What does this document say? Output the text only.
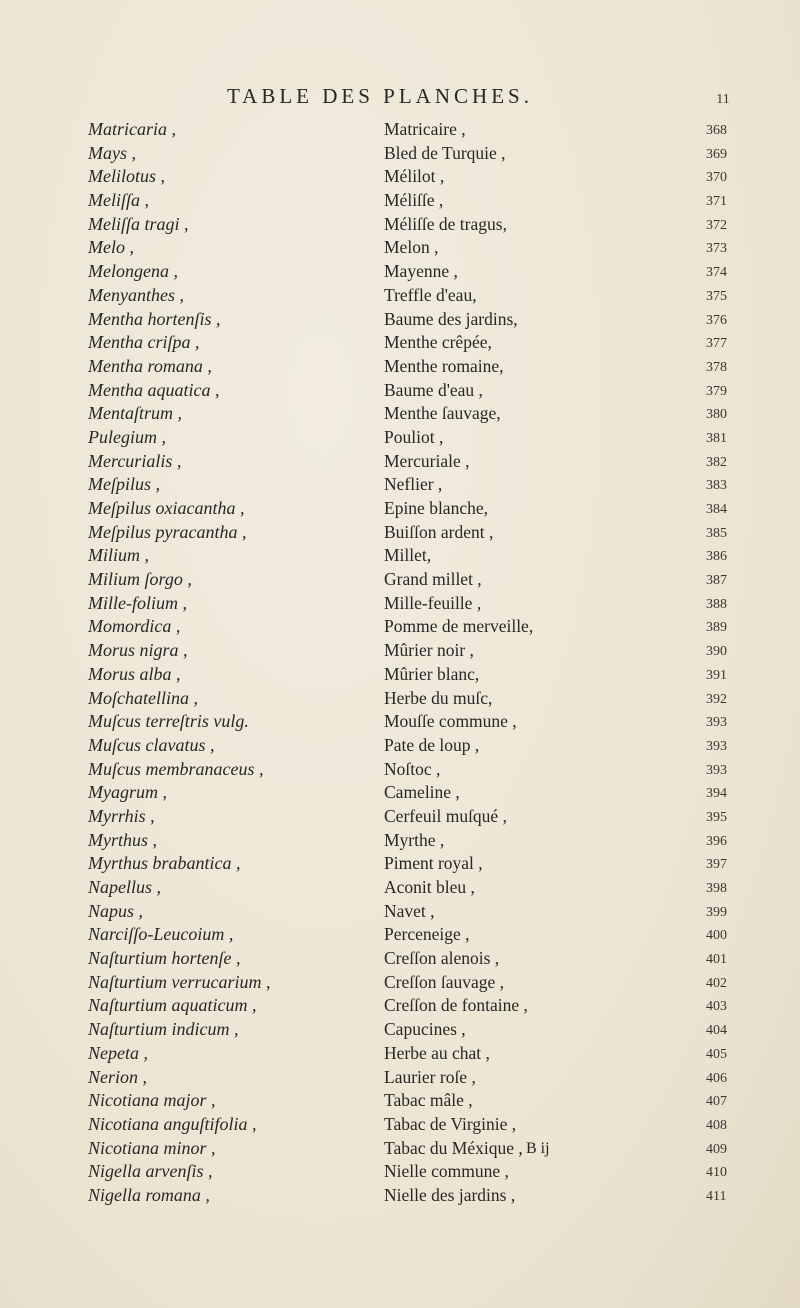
TABLE DES PLANCHES.	11
Matricaria ,	Matricaire ,	368
Mays ,	Bled de Turquie ,	369
Melilotus ,	Mélilot ,	370
Meliſſa ,	Méliſſe ,	371
Meliſſa tragi ,	Méliſſe de tragus,	372
Melo ,	Melon ,	373
Melongena ,	Mayenne ,	374
Menyanthes ,	Treffle d'eau,	375
Mentha hortenſis ,	Baume des jardins,	376
Mentha criſpa ,	Menthe crêpée,	377
Mentha romana ,	Menthe romaine,	378
Mentha aquatica ,	Baume d'eau ,	379
Mentaſtrum ,	Menthe ſauvage,	380
Pulegium ,	Pouliot ,	381
Mercurialis ,	Mercuriale ,	382
Meſpilus ,	Neflier ,	383
Meſpilus oxiacantha ,	Epine blanche,	384
Meſpilus pyracantha ,	Buiſſon ardent ,	385
Milium ,	Millet,	386
Milium ſorgo ,	Grand millet ,	387
Mille-folium ,	Mille-feuille ,	388
Momordica ,	Pomme de merveille,	389
Morus nigra ,	Mûrier noir ,	390
Morus alba ,	Mûrier blanc,	391
Moſchatellina ,	Herbe du muſc,	392
Muſcus terreſtris vulg.	Mouſſe commune ,	393
Muſcus clavatus ,	Pate de loup ,	393
Muſcus membranaceus ,	Noſtoc ,	393
Myagrum ,	Cameline ,	394
Myrrhis ,	Cerfeuil muſqué ,	395
Myrthus ,	Myrthe ,	396
Myrthus brabantica ,	Piment royal ,	397
Napellus ,	Aconit bleu ,	398
Napus ,	Navet ,	399
Narciſſo-Leucoium ,	Perceneige ,	400
Naſturtium hortenſe ,	Creſſon alenois ,	401
Naſturtium verrucarium ,	Creſſon ſauvage ,	402
Naſturtium aquaticum ,	Creſſon de fontaine ,	403
Naſturtium indicum ,	Capucines ,	404
Nepeta ,	Herbe au chat ,	405
Nerion ,	Laurier roſe ,	406
Nicotiana major ,	Tabac mâle ,	407
Nicotiana anguſtifolia ,	Tabac de Virginie ,	408
Nicotiana minor ,	Tabac du Méxique ,	409
Nigella arvenſis ,	Nielle commune ,	410
Nigella romana ,	Nielle des jardins ,	411
B ij
